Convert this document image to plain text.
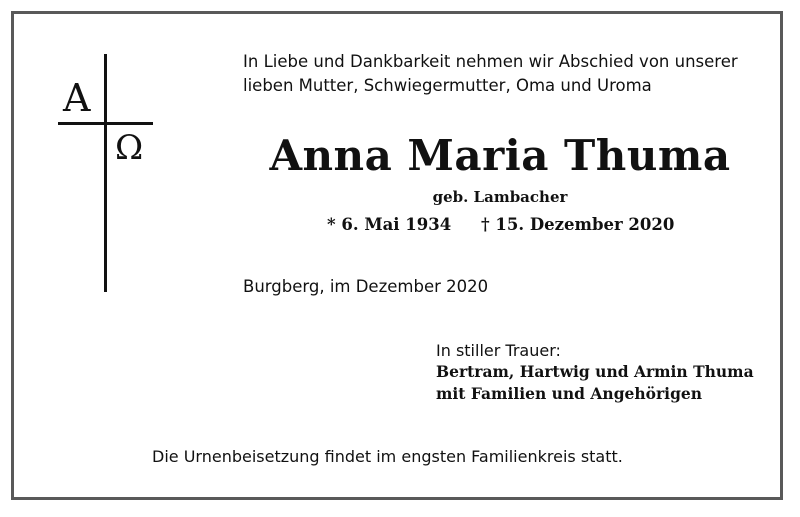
A
Ω
In Liebe und Dankbarkeit nehmen wir Abschied von unserer
lieben Mutter, Schwiegermutter, Oma und Uroma
Anna Maria Thuma
geb. Lambacher
* 6. Mai 1934 † 15. Dezember 2020
Burgberg, im Dezember 2020
In stiller Trauer:
Bertram, Hartwig und Armin Thuma
mit Familien und Angehörigen
Die Urnenbeisetzung findet im engsten Familienkreis statt.
